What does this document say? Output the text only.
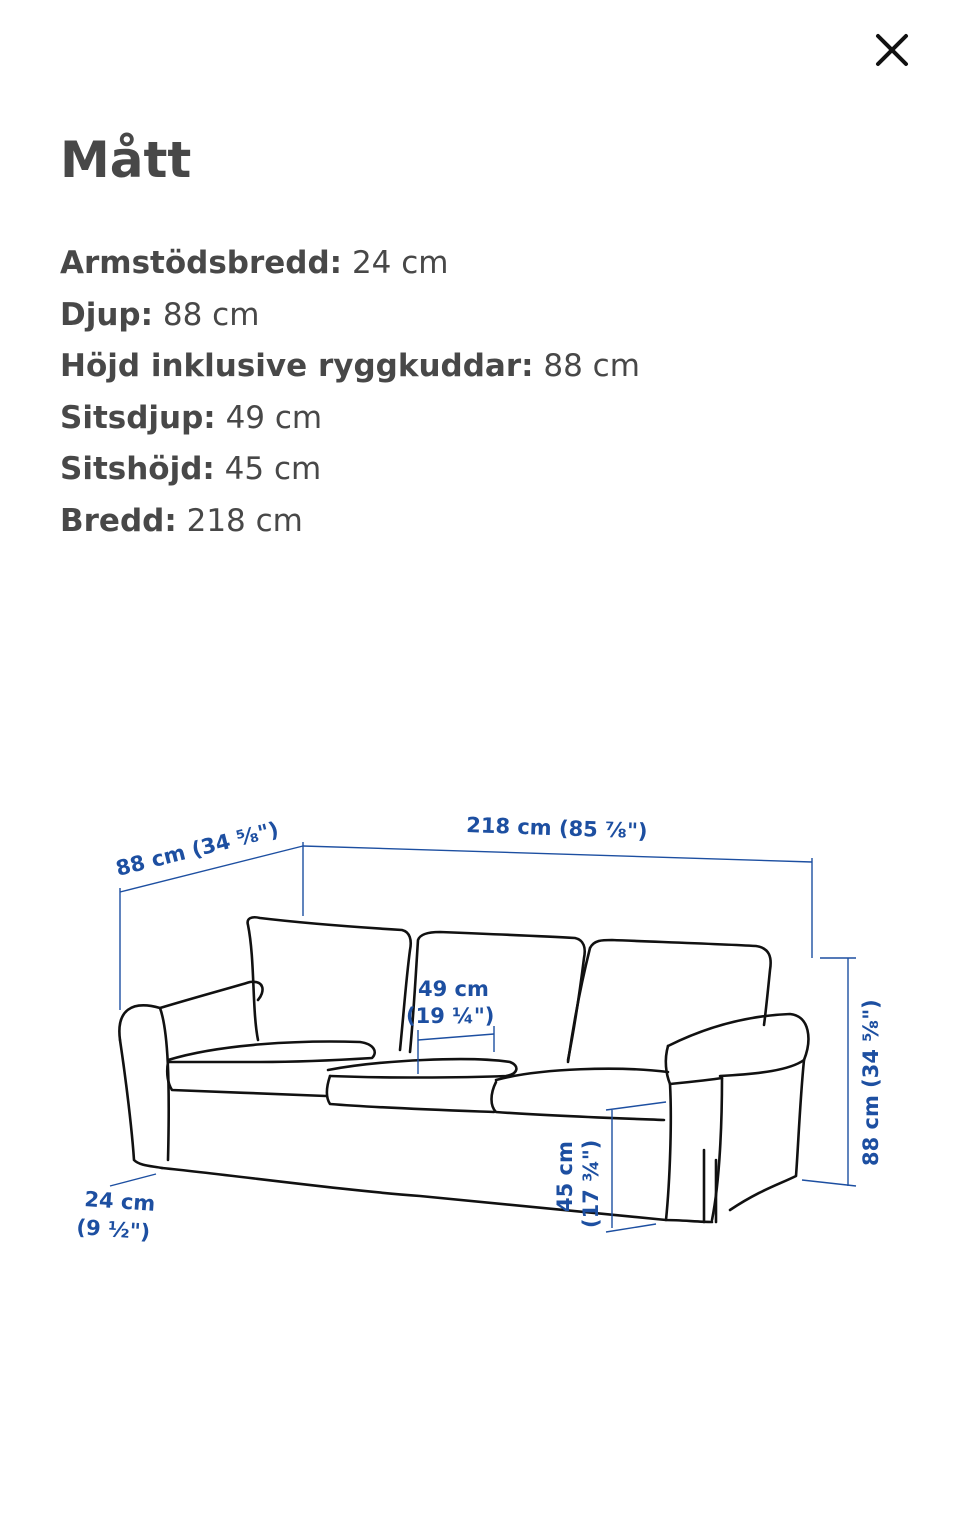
Mått
Armstödsbredd: 24 cm
Djup: 88 cm
Höjd inklusive ryggkuddar: 88 cm
Sitsdjup: 49 cm
Sitshöjd: 45 cm
Bredd: 218 cm
88 cm (34 ⁵⁄₈")	218 cm (85 ⁷⁄₈")
49 cm
(19 ¼")	88 cm (34 ⁵⁄₈")
45 cm (17 ¾")
24 cm
(9 ½")
